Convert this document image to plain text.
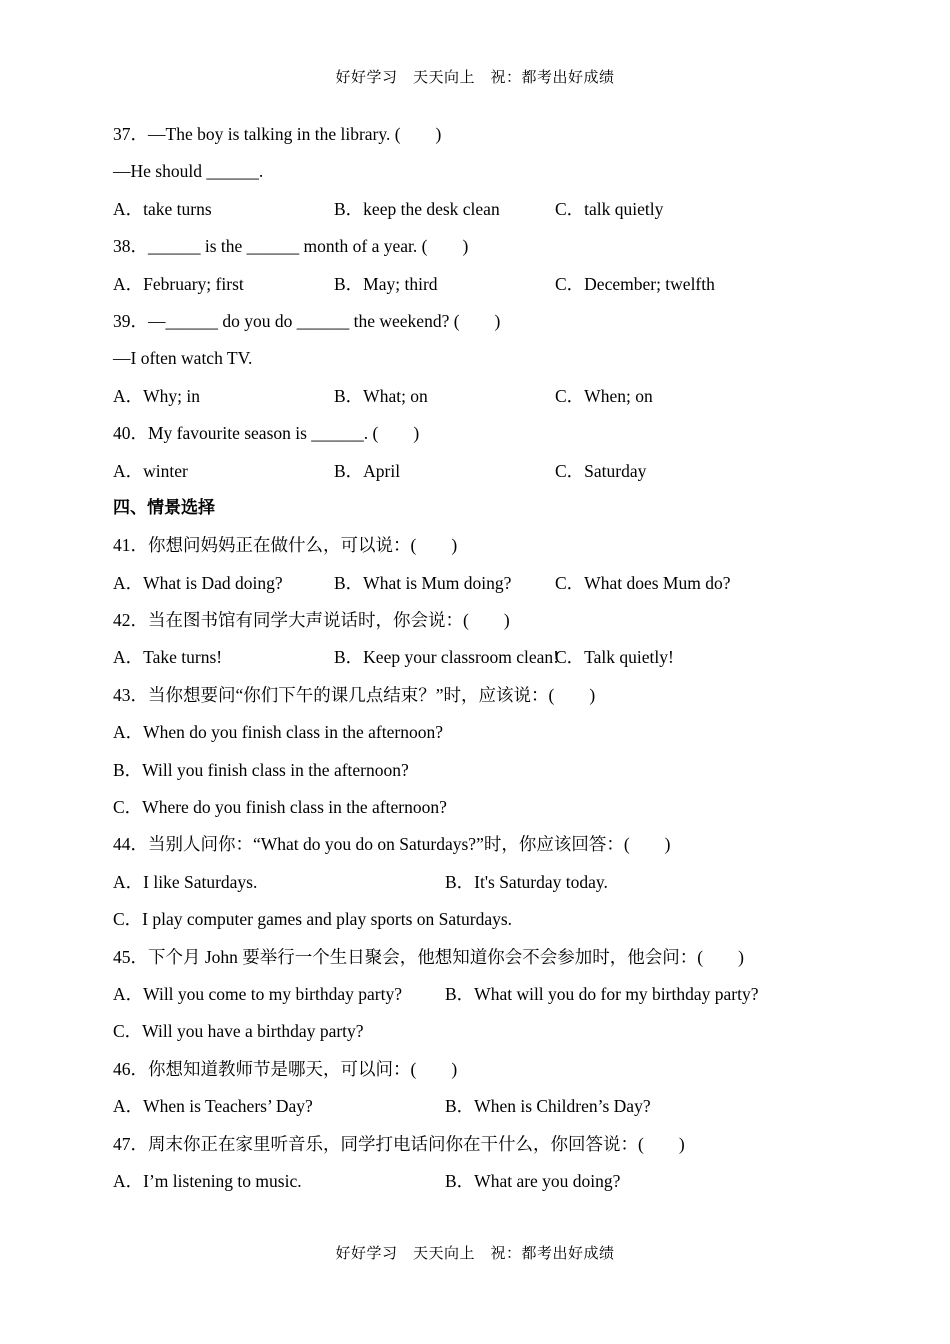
好好学习　天天向上　祝：都考出好成绩
37．—The boy is talking in the library. (　　)
—He should ______.
A．take turns	B．keep the desk clean	C．talk quietly
38．______ is the ______ month of a year. (　　)
A．February; first	B．May; third	C．December; twelfth
39．—______ do you do ______ the weekend? (　　)
—I often watch TV.
A．Why; in	B．What; on	C．When; on
40．My favourite season is ______. (　　)
A．winter	B．April	C．Saturday
四、情景选择
41．你想问妈妈正在做什么，可以说：(　　)
A．What is Dad doing?	B．What is Mum doing? C．What does Mum do?
42．当在图书馆有同学大声说话时，你会说：(　　)
A．Take turns!	B．Keep your classroom clean!
C．Talk quietly!
43．当你想要问“你们下午的课几点结束？”时，应该说：(　　)
A．When do you finish class in the afternoon?
B．Will you finish class in the afternoon?
C．Where do you finish class in the afternoon?
44．当别人问你：“What do you do on Saturdays?”时，你应该回答：(　　)
A．I like Saturdays.	B．It's Saturday today.
C．I play computer games and play sports on Saturdays.
45．下个月 John 要举行一个生日聚会，他想知道你会不会参加时，他会问：(　　)
A．Will you come to my birthday party? B．What will you do for my birthday party?
C．Will you have a birthday party?
46．你想知道教师节是哪天，可以问：(　　)
A．When is Teachers’ Day?	B．When is Children’s Day?
47．周末你正在家里听音乐，同学打电话问你在干什么，你回答说：(　　)
A．I’m listening to music.	B．What are you doing?
好好学习　天天向上　祝：都考出好成绩
